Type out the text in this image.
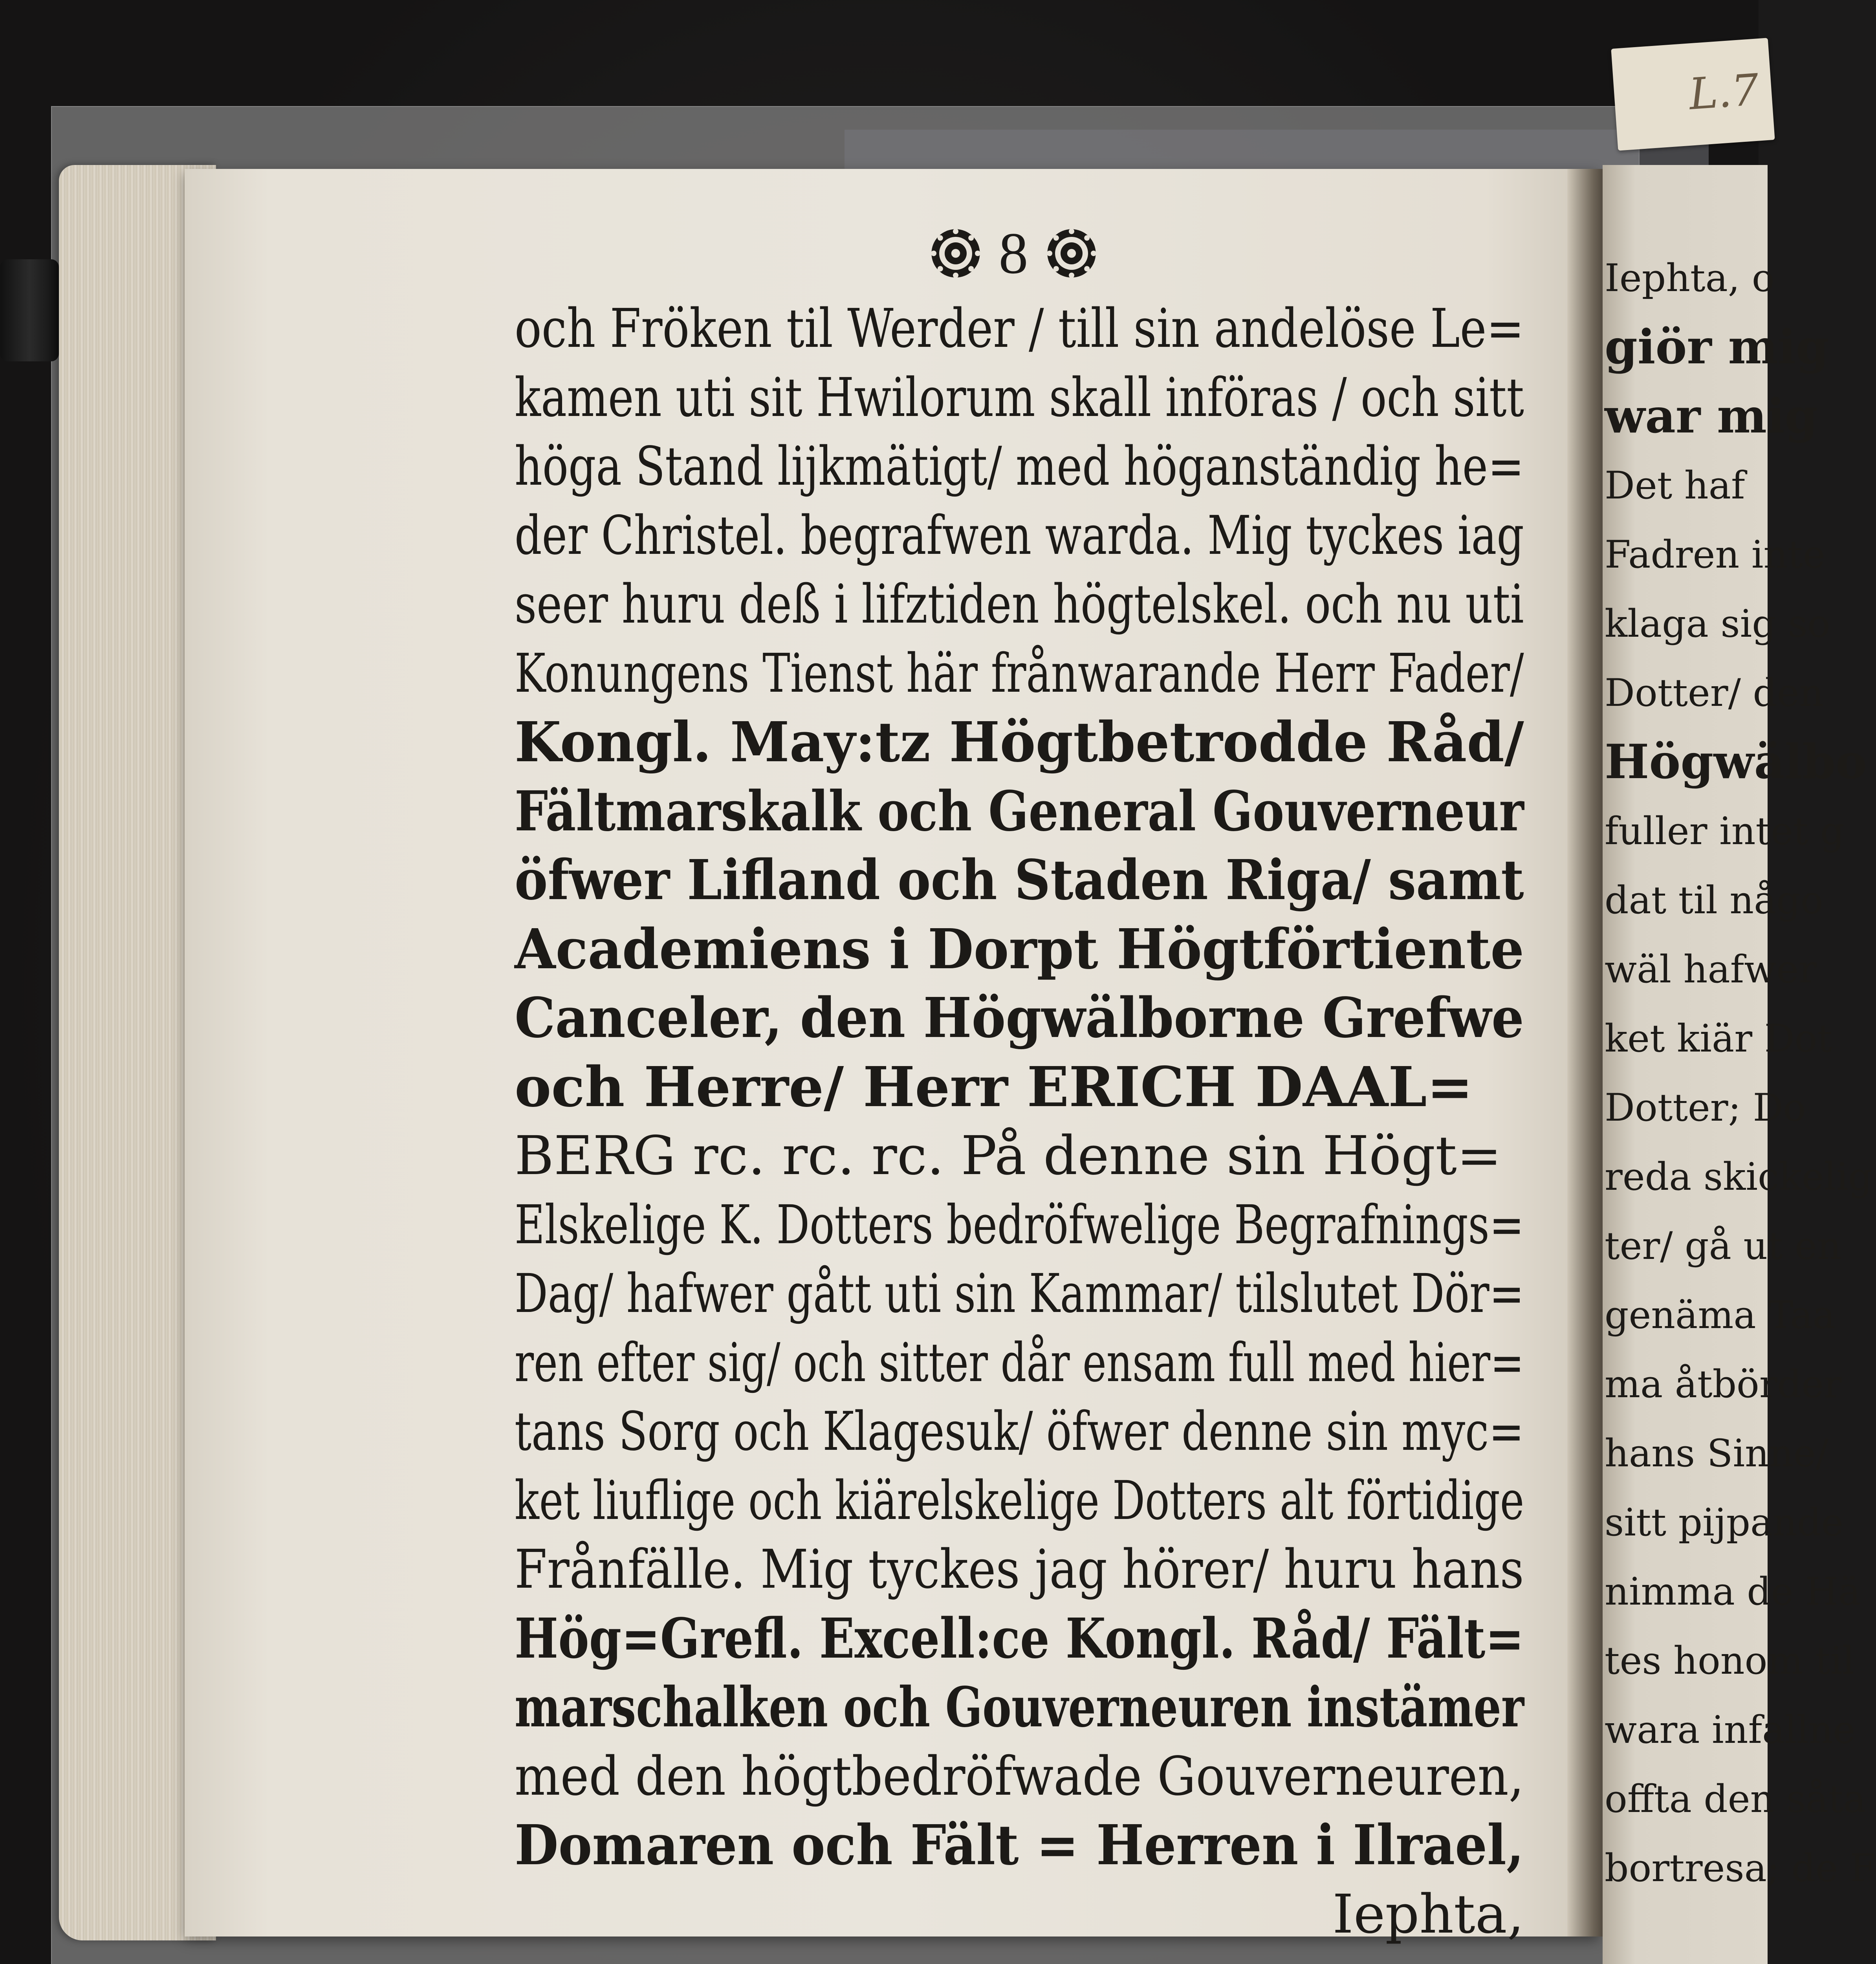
L.7
8
och Fröken til Werder / till sin andelöse Le=
kamen uti sit Hwilorum skall införas / och sitt
höga Stand lijkmätigt/ med höganständig he=
der Christel. begrafwen warda. Mig tyckes iag
seer huru deß i lifztiden högtelskel. och nu uti
Konungens Tienst här frånwarande Herr Fader/
Kongl. May:tz Högtbetrodde Råd/
Fältmarskalk och General Gouverneur
öfwer Lifland och Staden Riga/ samt
Academiens i Dorpt Högtförtiente
Canceler, den Högwälborne Grefwe
och Herre/ Herr ERICH DAAL=
BERG rc. rc. rc. På denne sin Högt=
Elskelige K. Dotters bedröfwelige Begrafnings=
Dag/ hafwer gått uti sin Kammar/ tilslutet Dör=
ren efter sig/ och sitter dår ensam full med hier=
tans Sorg och Klagesuk/ öfwer denne sin myc=
ket liuflige och kiärelskelige Dotters alt förtidige
Frånfälle. Mig tyckes jag hörer/ huru hans
Hög=Grefl. Excell:ce Kongl. Råd/ Fält=
marschalken och Gouverneuren instämer
med den högtbedröfwade Gouverneuren,
Domaren och Fält = Herren i Ilrael,
Iephta,
Iephta, o
giör mig
war mig
Det haf
Fadren inte
klaga sig so
Dotter/ den
Högwälbo
fuller intet g
dat til någo
wäl hafwer
ket kiär Dot
Dotter; Do
reda skickelig
ter/ gå ut en
genäma Taa
ma åtbörder
hans Sinne/
sitt pijpande
nimma de Hä
tes honom til
wara infallne
offta den såta
bortresa; de F
